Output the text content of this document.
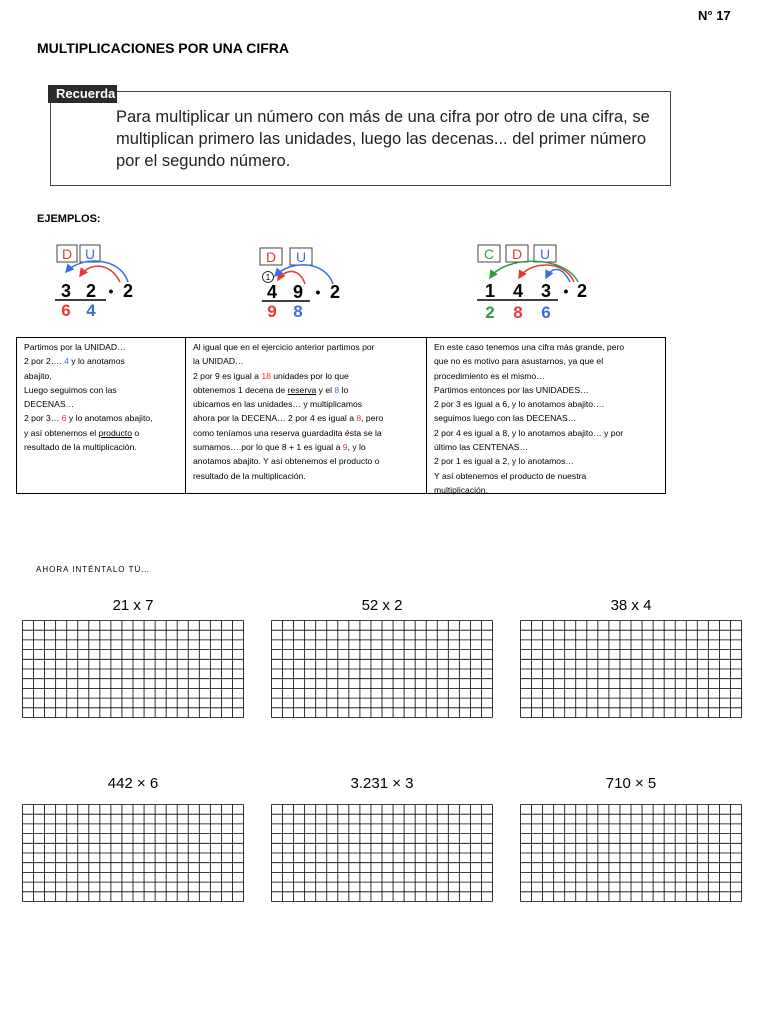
N° 17
MULTIPLICACIONES POR UNA CIFRA
Recuerda
Para multiplicar un número con más de una cifra por otro de una cifra, se multiplican primero las unidades, luego las decenas... del primer número por el segundo número.
EJEMPLOS:
D U
3 2 • 2
6 4
D U
1
4 9 • 2
9 8
C D U
1 4 3 • 2
2 8 6
Partimos por la UNIDAD…
2 por 2…. 4 y lo anotamos
abajito,
Luego seguimos con las
DECENAS…
2 por 3… 6 y lo anotamos abajito,
y así obtenemos el producto o
resultado de la multiplicación.
Al igual que en el ejercicio anterior partimos por
la UNIDAD…
2 por 9 es igual a 18 unidades por lo que
obtenemos 1 decena de reserva y el 8 lo
ubicamos en las unidades… y multiplicamos
ahora por la DECENA… 2 por 4 es igual a 8, pero
como teníamos una reserva guardadita ésta se la
sumamos… por lo que 8 + 1 es igual a 9, y lo
anotamos abajito. Y así obtenemos el producto o
resultado de la multiplicación.
En este caso tenemos una cifra más grande, pero
que no es motivo para asustarnos, ya que el
procedimiento es el mismo…
Partimos entonces por las UNIDADES…
2 por 3 es igual a 6, y lo anotamos abajito….
seguimos luego con las DECENAS…
2 por 4 es igual a 8, y lo anotamos abajito… y por
último las CENTENAS…
2 por 1 es igual a 2, y lo anotamos…
Y así obtenemos el producto de nuestra
multiplicación.
AHORA INTÉNTALO TÚ…
21 x 7	52 x 2	38 x 4
442 × 6	3.231 × 3	710 × 5
